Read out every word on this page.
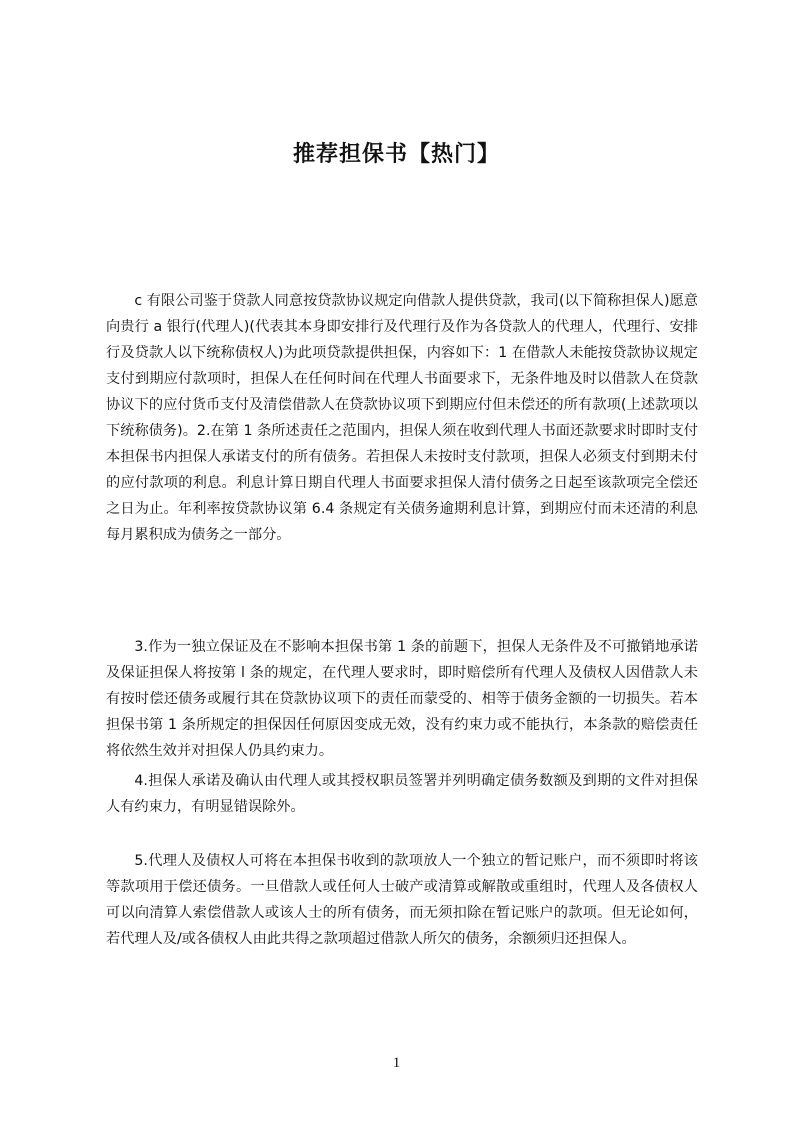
推荐担保书【热门】

c 有限公司鉴于贷款人同意按贷款协议规定向借款人提供贷款，我司(以下简称担保人)愿意向贵行 a 银行(代理人)(代表其本身即安排行及代理行及作为各贷款人的代理人，代理行、安排行及贷款人以下统称债权人)为此项贷款提供担保，内容如下：1 在借款人未能按贷款协议规定支付到期应付款项时，担保人在任何时间在代理人书面要求下，无条件地及时以借款人在贷款协议下的应付货币支付及清偿借款人在贷款协议项下到期应付但未偿还的所有款项(上述款项以下统称债务)。2.在第 1 条所述责任之范围内，担保人须在收到代理人书面还款要求时即时支付本担保书内担保人承诺支付的所有债务。若担保人未按时支付款项，担保人必须支付到期未付的应付款项的利息。利息计算日期自代理人书面要求担保人清付债务之日起至该款项完全偿还之日为止。年利率按贷款协议第 6.4 条规定有关债务逾期利息计算，到期应付而未还清的利息每月累积成为债务之一部分。

3.作为一独立保证及在不影响本担保书第 1 条的前题下，担保人无条件及不可撤销地承诺及保证担保人将按第 l 条的规定，在代理人要求时，即时赔偿所有代理人及债权人因借款人未有按时偿还债务或履行其在贷款协议项下的责任而蒙受的、相等于债务金额的一切损失。若本担保书第 1 条所规定的担保因任何原因变成无效，没有约束力或不能执行，本条款的赔偿责任将依然生效并对担保人仍具约束力。

4.担保人承诺及确认由代理人或其授权职员签署并列明确定债务数额及到期的文件对担保人有约束力，有明显错误除外。

5.代理人及债权人可将在本担保书收到的款项放人一个独立的暂记账户，而不须即时将该等款项用于偿还债务。一旦借款人或任何人士破产或清算或解散或重组时，代理人及各债权人可以向清算人索偿借款人或该人士的所有债务，而无须扣除在暂记账户的款项。但无论如何，若代理人及/或各债权人由此共得之款项超过借款人所欠的债务，余额须归还担保人。

1
